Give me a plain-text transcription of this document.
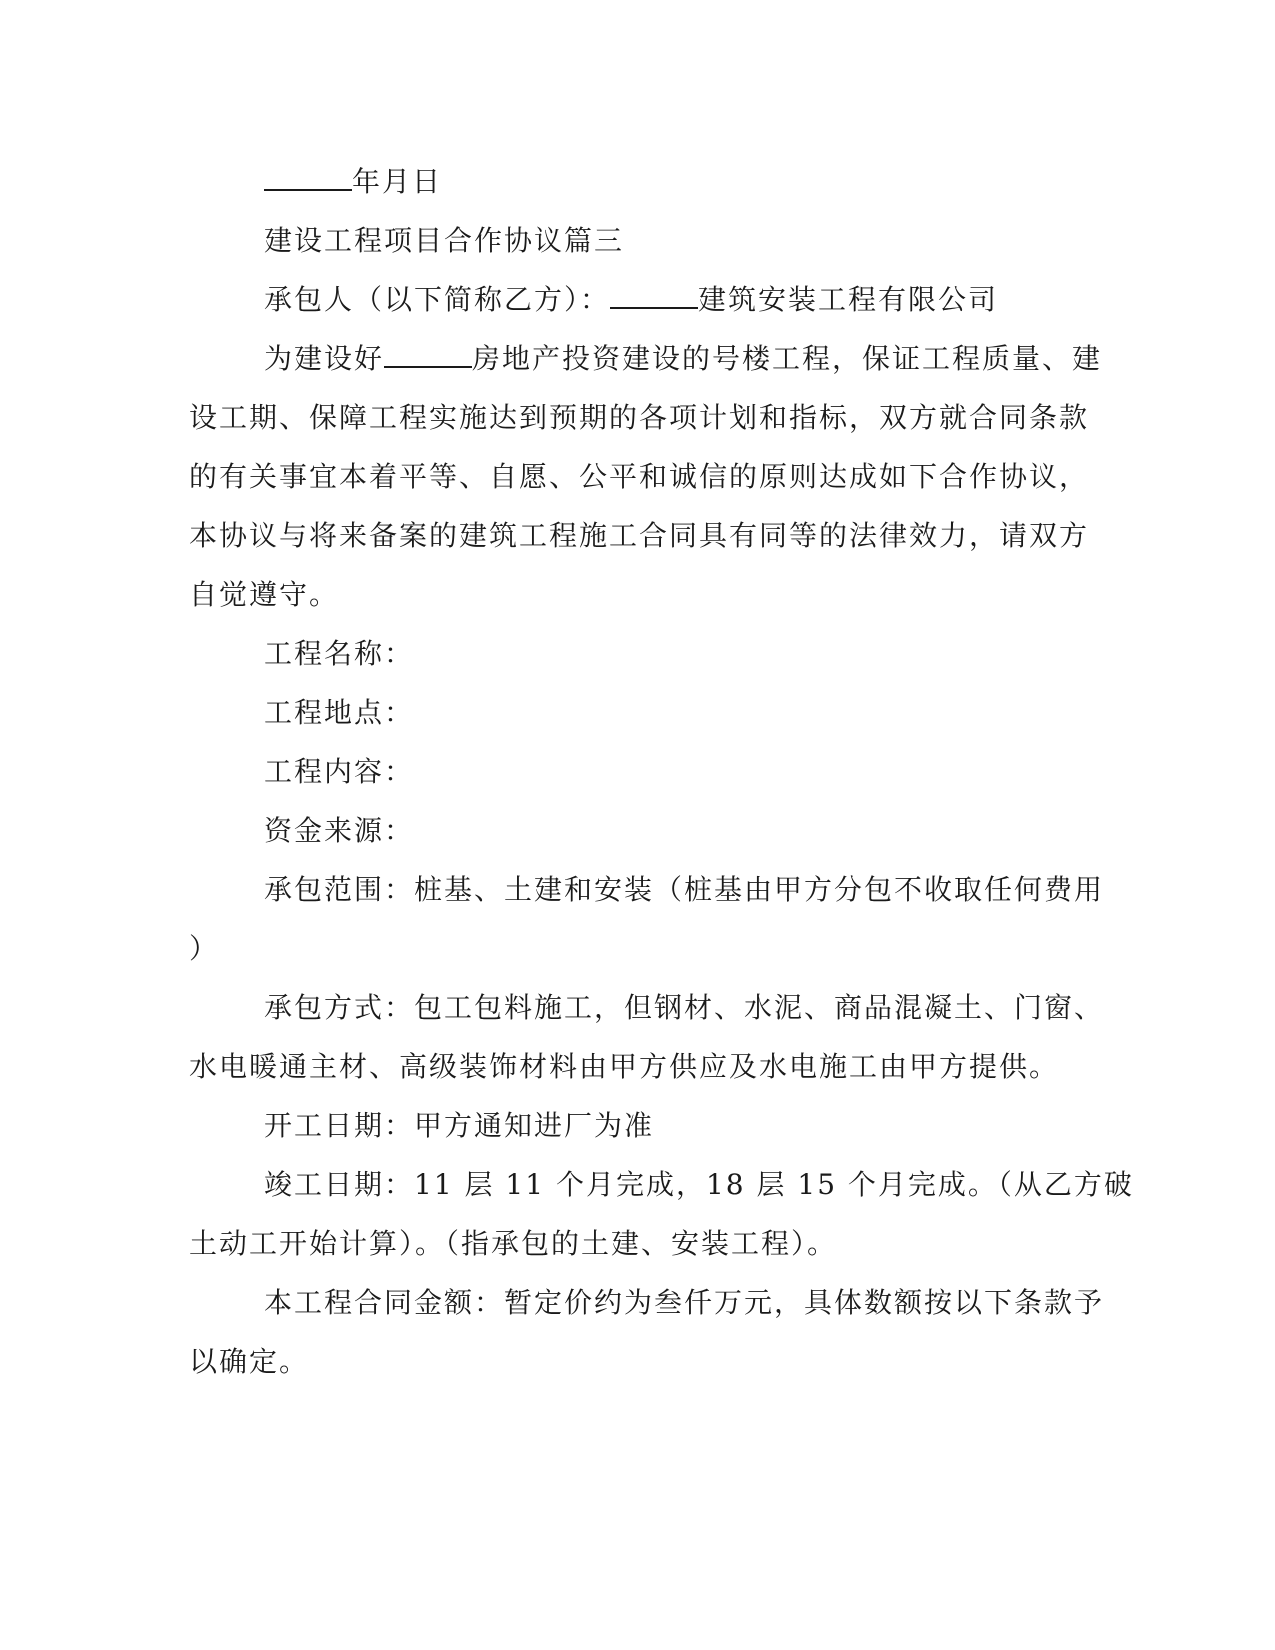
年月日
建设工程项目合作协议篇三
承包人（以下简称乙方）：	建筑安装工程有限公司
为建设好	房地产投资建设的号楼工程，保证工程质量、建
设工期、保障工程实施达到预期的各项计划和指标，双方就合同条款
的有关事宜本着平等、自愿、公平和诚信的原则达成如下合作协议，
本协议与将来备案的建筑工程施工合同具有同等的法律效力，请双方
自觉遵守。
工程名称：
工程地点：
工程内容：
资金来源：
承包范围：桩基、土建和安装（桩基由甲方分包不收取任何费用
）
承包方式：包工包料施工，但钢材、水泥、商品混凝土、门窗、
水电暖通主材、高级装饰材料由甲方供应及水电施工由甲方提供。
开工日期：甲方通知进厂为准
竣工日期：11 层 11 个月完成，18 层 15 个月完成。（从乙方破
土动工开始计算）。（指承包的土建、安装工程）。
本工程合同金额：暂定价约为叁仟万元，具体数额按以下条款予
以确定。
